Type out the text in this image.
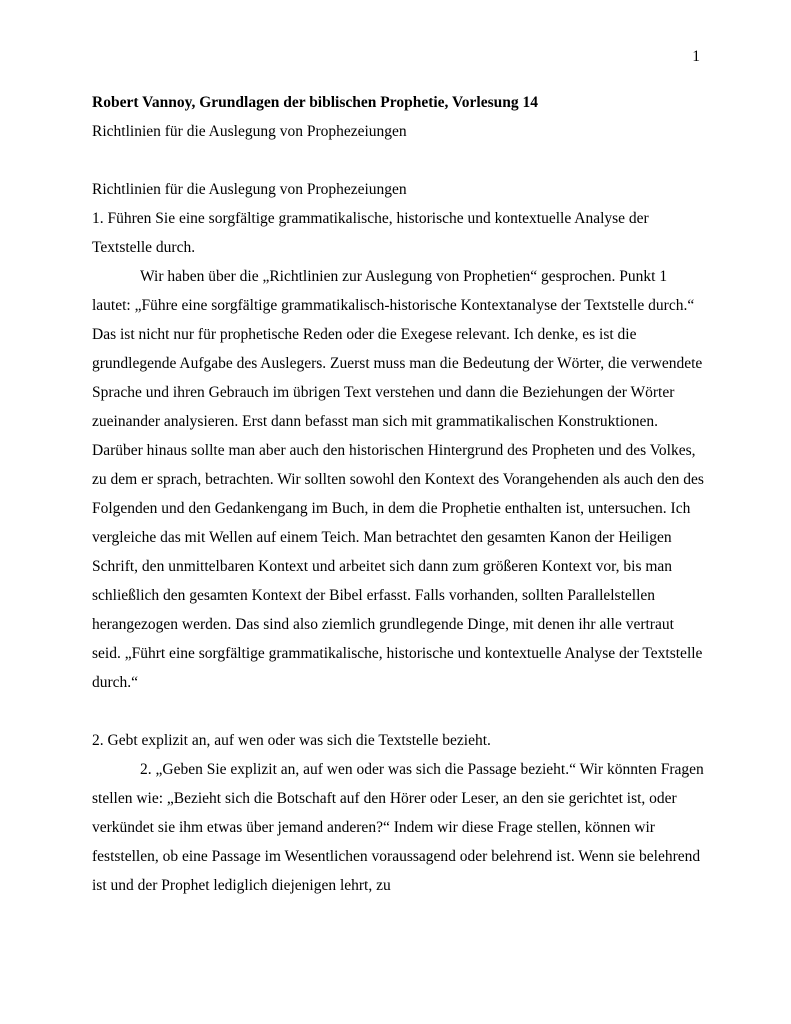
1

Robert Vannoy, Grundlagen der biblischen Prophetie, Vorlesung 14

Richtlinien für die Auslegung von Prophezeiungen

Richtlinien für die Auslegung von Prophezeiungen

1. Führen Sie eine sorgfältige grammatikalische, historische und kontextuelle Analyse der Textstelle durch.

Wir haben über die „Richtlinien zur Auslegung von Prophetien“ gesprochen. Punkt 1 lautet: „Führe eine sorgfältige grammatikalisch-historische Kontextanalyse der Textstelle durch.“ Das ist nicht nur für prophetische Reden oder die Exegese relevant. Ich denke, es ist die grundlegende Aufgabe des Auslegers. Zuerst muss man die Bedeutung der Wörter, die verwendete Sprache und ihren Gebrauch im übrigen Text verstehen und dann die Beziehungen der Wörter zueinander analysieren. Erst dann befasst man sich mit grammatikalischen Konstruktionen. Darüber hinaus sollte man aber auch den historischen Hintergrund des Propheten und des Volkes, zu dem er sprach, betrachten. Wir sollten sowohl den Kontext des Vorangehenden als auch den des Folgenden und den Gedankengang im Buch, in dem die Prophetie enthalten ist, untersuchen. Ich vergleiche das mit Wellen auf einem Teich. Man betrachtet den gesamten Kanon der Heiligen Schrift, den unmittelbaren Kontext und arbeitet sich dann zum größeren Kontext vor, bis man schließlich den gesamten Kontext der Bibel erfasst. Falls vorhanden, sollten Parallelstellen herangezogen werden. Das sind also ziemlich grundlegende Dinge, mit denen ihr alle vertraut seid. „Führt eine sorgfältige grammatikalische, historische und kontextuelle Analyse der Textstelle durch.“

2. Gebt explizit an, auf wen oder was sich die Textstelle bezieht.

2. „Geben Sie explizit an, auf wen oder was sich die Passage bezieht.“ Wir könnten Fragen stellen wie: „Bezieht sich die Botschaft auf den Hörer oder Leser, an den sie gerichtet ist, oder verkündet sie ihm etwas über jemand anderen?“ Indem wir diese Frage stellen, können wir feststellen, ob eine Passage im Wesentlichen voraussagend oder belehrend ist. Wenn sie belehrend ist und der Prophet lediglich diejenigen lehrt, zu
